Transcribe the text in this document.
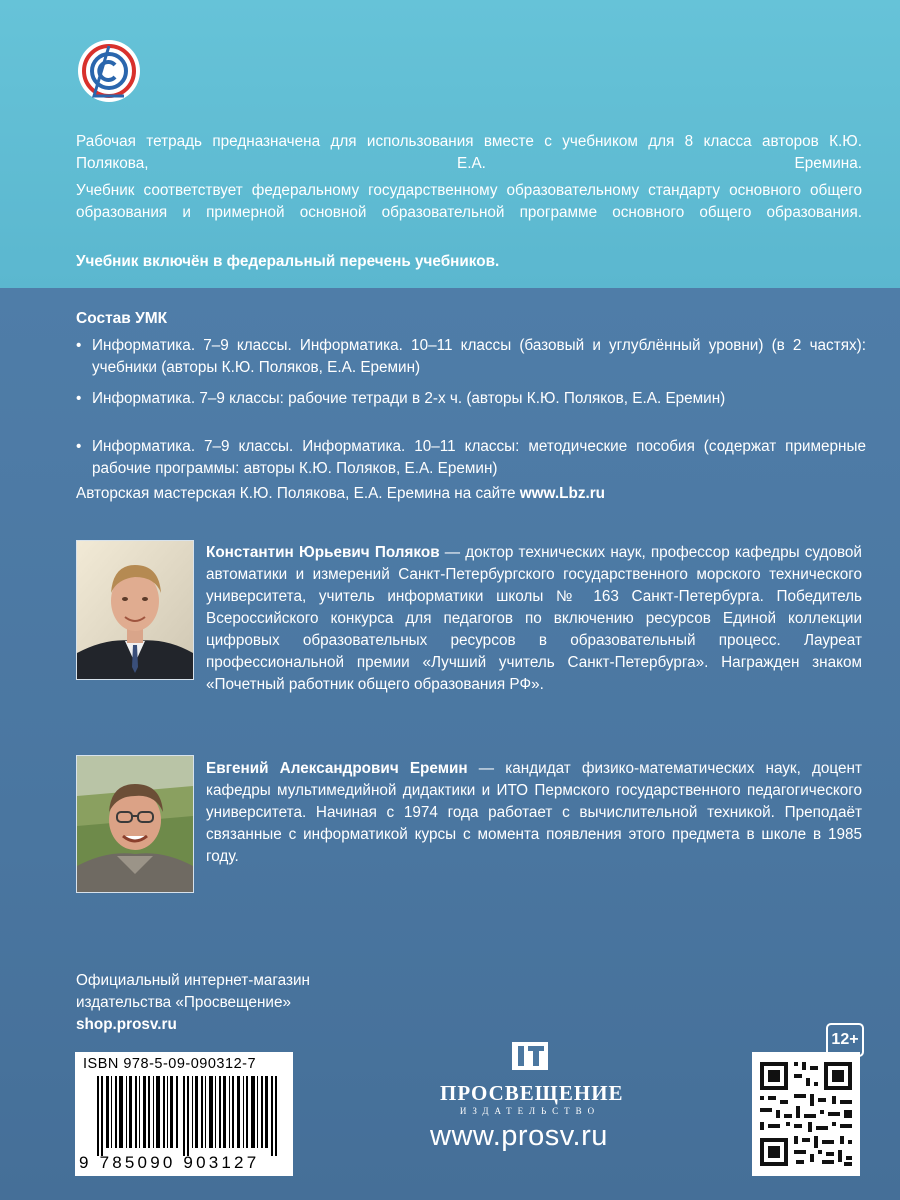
Рабочая тетрадь предназначена для использования вместе с учебником для 8 класса авторов К.Ю. Полякова, Е.А. Еремина.
Учебник соответствует федеральному государственному образовательному стандарту основного общего образования и примерной основной образовательной программе основного общего образования.
Учебник включён в федеральный перечень учебников.
Состав УМК
• Информатика. 7–9 классы. Информатика. 10–11 классы (базовый и углублённый уровни) (в 2 частях): учебники (авторы К.Ю. Поляков, Е.А. Еремин)
• Информатика. 7–9 классы: рабочие тетради в 2-х ч. (авторы К.Ю. Поляков, Е.А. Еремин)
• Информатика. 7–9 классы. Информатика. 10–11 классы: методические пособия (содержат примерные рабочие программы: авторы К.Ю. Поляков, Е.А. Еремин)
Авторская мастерская К.Ю. Полякова, Е.А. Еремина на сайте www.Lbz.ru
Константин Юрьевич Поляков — доктор технических наук, профессор кафедры судовой автоматики и измерений Санкт-Петербургского государственного морского технического университета, учитель информатики школы № 163 Санкт-Петербурга. Победитель Всероссийского конкурса для педагогов по включению ресурсов Единой коллекции цифровых образовательных ресурсов в образовательный процесс. Лауреат профессиональной премии «Лучший учитель Санкт-Петербурга». Награжден знаком «Почетный работник общего образования РФ».
Евгений Александрович Еремин — кандидат физико-математических наук, доцент кафедры мультимедийной дидактики и ИТО Пермского государственного педагогического университета. Начиная с 1974 года работает с вычислительной техникой. Преподаёт связанные с информатикой курсы с момента появления этого предмета в школе в 1985 году.
Официальный интернет-магазин
издательства «Просвещение»
shop.prosv.ru
12+
ISBN 978-5-09-090312-7
9 785090 903127
ПРОСВЕЩЕНИЕ
ИЗДАТЕЛЬСТВО
www.prosv.ru
